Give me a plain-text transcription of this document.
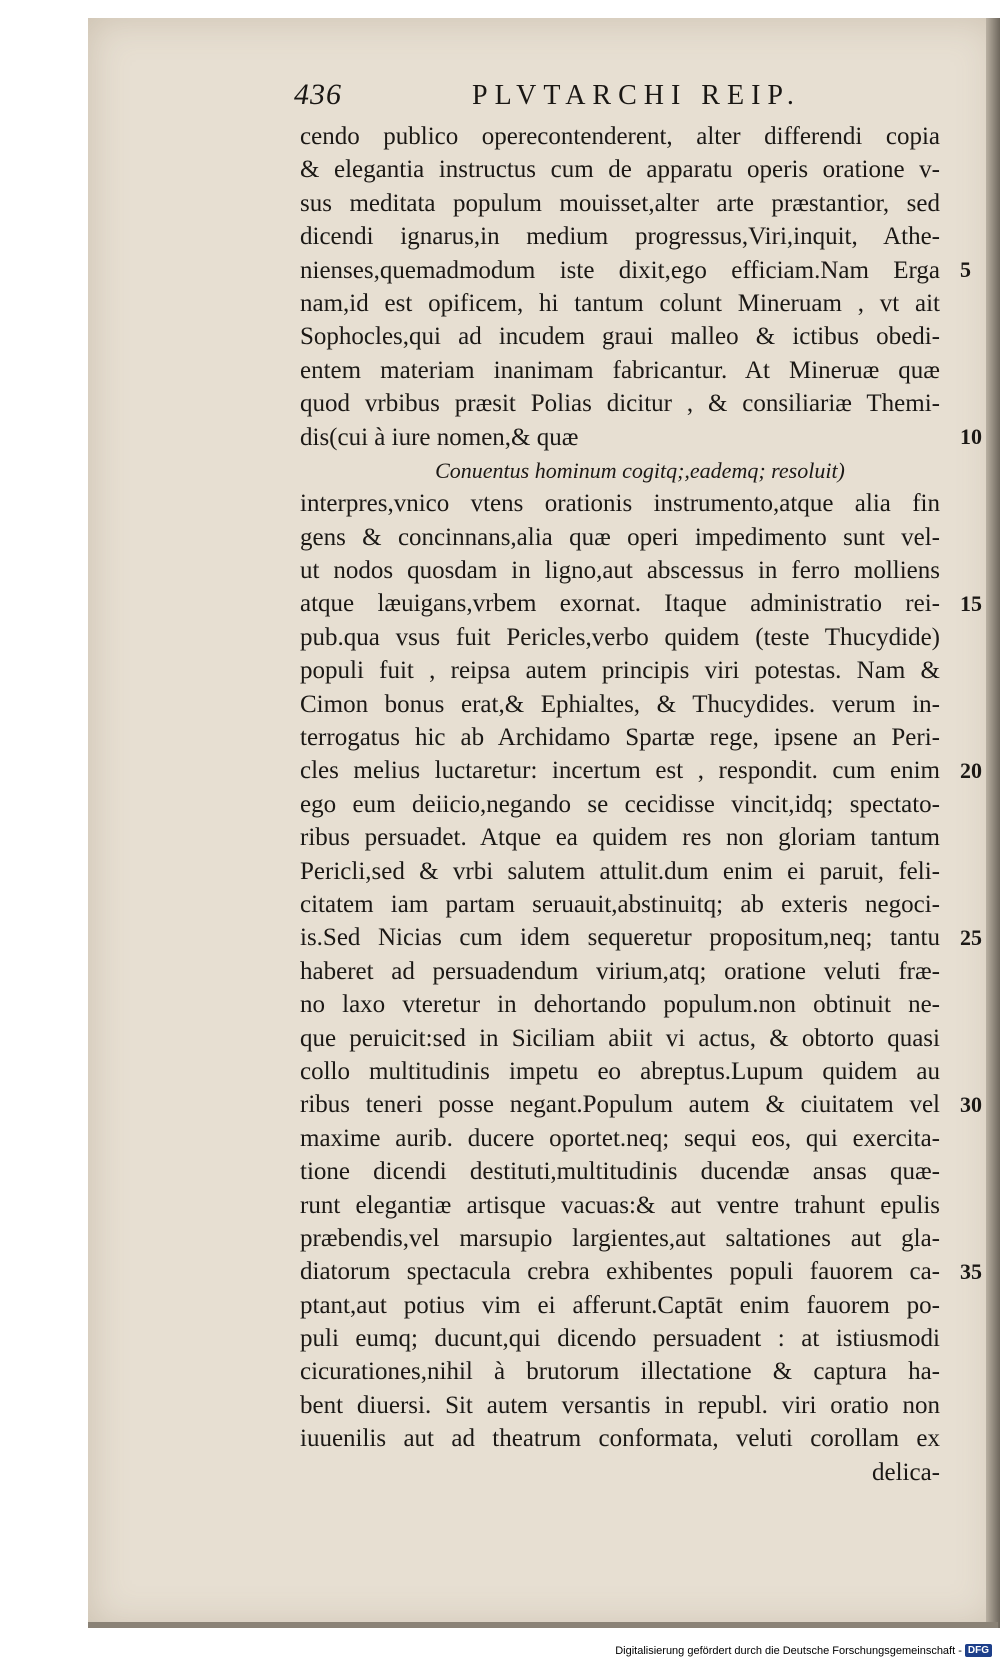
436	PLVTARCHI REIP.
cendo publico operecontenderent, alter differendi copia
& elegantia instructus cum de apparatu operis oratione v-
sus meditata populum mouisset,alter arte præstantior, sed
dicendi ignarus,in medium progressus,Viri,inquit, Athe-
nienses,quemadmodum iste dixit,ego efficiam.Nam Erga
nam,id est opificem, hi tantum colunt Mineruam , vt ait
Sophocles,qui ad incudem graui malleo & ictibus obedi-
entem materiam inanimam fabricantur. At Mineruæ quæ
quod vrbibus præsit Polias dicitur , & consiliariæ Themi-
dis(cui à iure nomen,& quæ
Conuentus hominum cogitq;,eademq; resoluit)
interpres,vnico vtens orationis instrumento,atque alia fin
gens & concinnans,alia quæ operi impedimento sunt vel-
ut nodos quosdam in ligno,aut abscessus in ferro molliens
atque læuigans,vrbem exornat. Itaque administratio rei-
pub.qua vsus fuit Pericles,verbo quidem (teste Thucydide)
populi fuit , reipsa autem principis viri potestas. Nam &
Cimon bonus erat,& Ephialtes, & Thucydides. verum in-
terrogatus hic ab Archidamo Spartæ rege, ipsene an Peri-
cles melius luctaretur: incertum est , respondit. cum enim
ego eum deiicio,negando se cecidisse vincit,idq; spectato-
ribus persuadet. Atque ea quidem res non gloriam tantum
Pericli,sed & vrbi salutem attulit.dum enim ei paruit, feli-
citatem iam partam seruauit,abstinuitq; ab exteris negoci-
is.Sed Nicias cum idem sequeretur propositum,neq; tantu
haberet ad persuadendum virium,atq; oratione veluti fræ-
no laxo vteretur in dehortando populum.non obtinuit ne-
que peruicit:sed in Siciliam abiit vi actus, & obtorto quasi
collo multitudinis impetu eo abreptus.Lupum quidem au
ribus teneri posse negant.Populum autem & ciuitatem vel
maxime aurib. ducere oportet.neq; sequi eos, qui exercita-
tione dicendi destituti,multitudinis ducendæ ansas quæ-
runt elegantiæ artisque vacuas:& aut ventre trahunt epulis
præbendis,vel marsupio largientes,aut saltationes aut gla-
diatorum spectacula crebra exhibentes populi fauorem ca-
ptant,aut potius vim ei afferunt.Captāt enim fauorem po-
puli eumq; ducunt,qui dicendo persuadent : at istiusmodi
cicurationes,nihil à brutorum illectatione & captura ha-
bent diuersi. Sit autem versantis in republ. viri oratio non
iuuenilis aut ad theatrum conformata, veluti corollam ex
delica-
5
10
15
20
25
30
35
Digitalisierung gefördert durch die Deutsche Forschungsgemeinschaft - DFG
